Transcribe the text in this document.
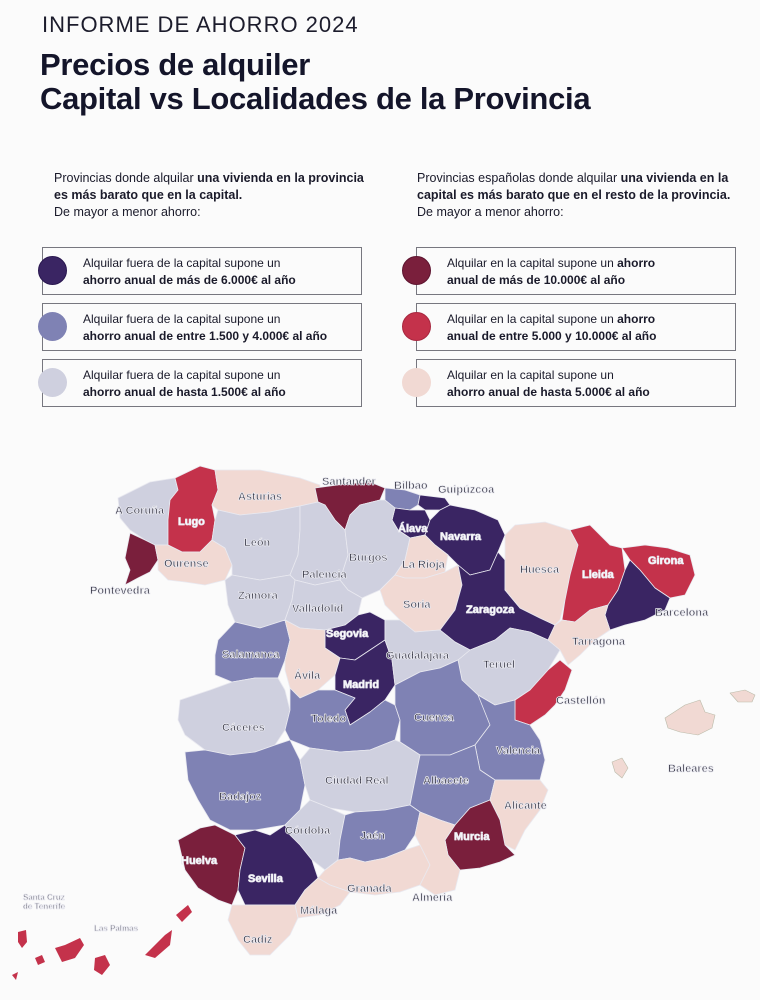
INFORME DE AHORRO 2024
Precios de alquiler
Capital vs Localidades de la Provincia
Provincias donde alquilar una vivienda en la provincia es más barato que en la capital.
De mayor a menor ahorro:
Alquilar fuera de la capital supone un
ahorro anual de más de 6.000€ al año
Alquilar fuera de la capital supone un
ahorro anual de entre 1.500 y 4.000€ al año
Alquilar fuera de la capital supone un
ahorro anual de hasta 1.500€ al año
Provincias españolas donde alquilar una vivienda en la capital es más barato que en el resto de la provincia. De mayor a menor ahorro:
Alquilar en la capital supone un ahorro
anual de más de 10.000€ al año
Alquilar en la capital supone un ahorro
anual de entre 5.000 y 10.000€ al año
Alquilar en la capital supone un
ahorro anual de hasta 5.000€ al año
A Coruña
Lugo
Asturias
Santander Bilbao Guipúzcoa
Álava
Navarra
Pontevedra
Ourense
León
Burgos
Palencia
La Rioja	Huesca Lleida
Girona
Barcelona
Zamora
Valladolid	Soria	Zaragoza
Tarragona
Segovia
Salamanca
Ávila
Guadalajara
Teruel
Madrid
Castellón
Cáceres
Toledo	Cuenca
Valencia
Baleares
Ciudad Real	Albacete
Alicante
Badajoz
Córdoba	Jaén	Murcia
Huelva
Sevilla
Granada
Almeria
Málaga
Cadiz
Santa Cruz
de Tenerife
Las Palmas
